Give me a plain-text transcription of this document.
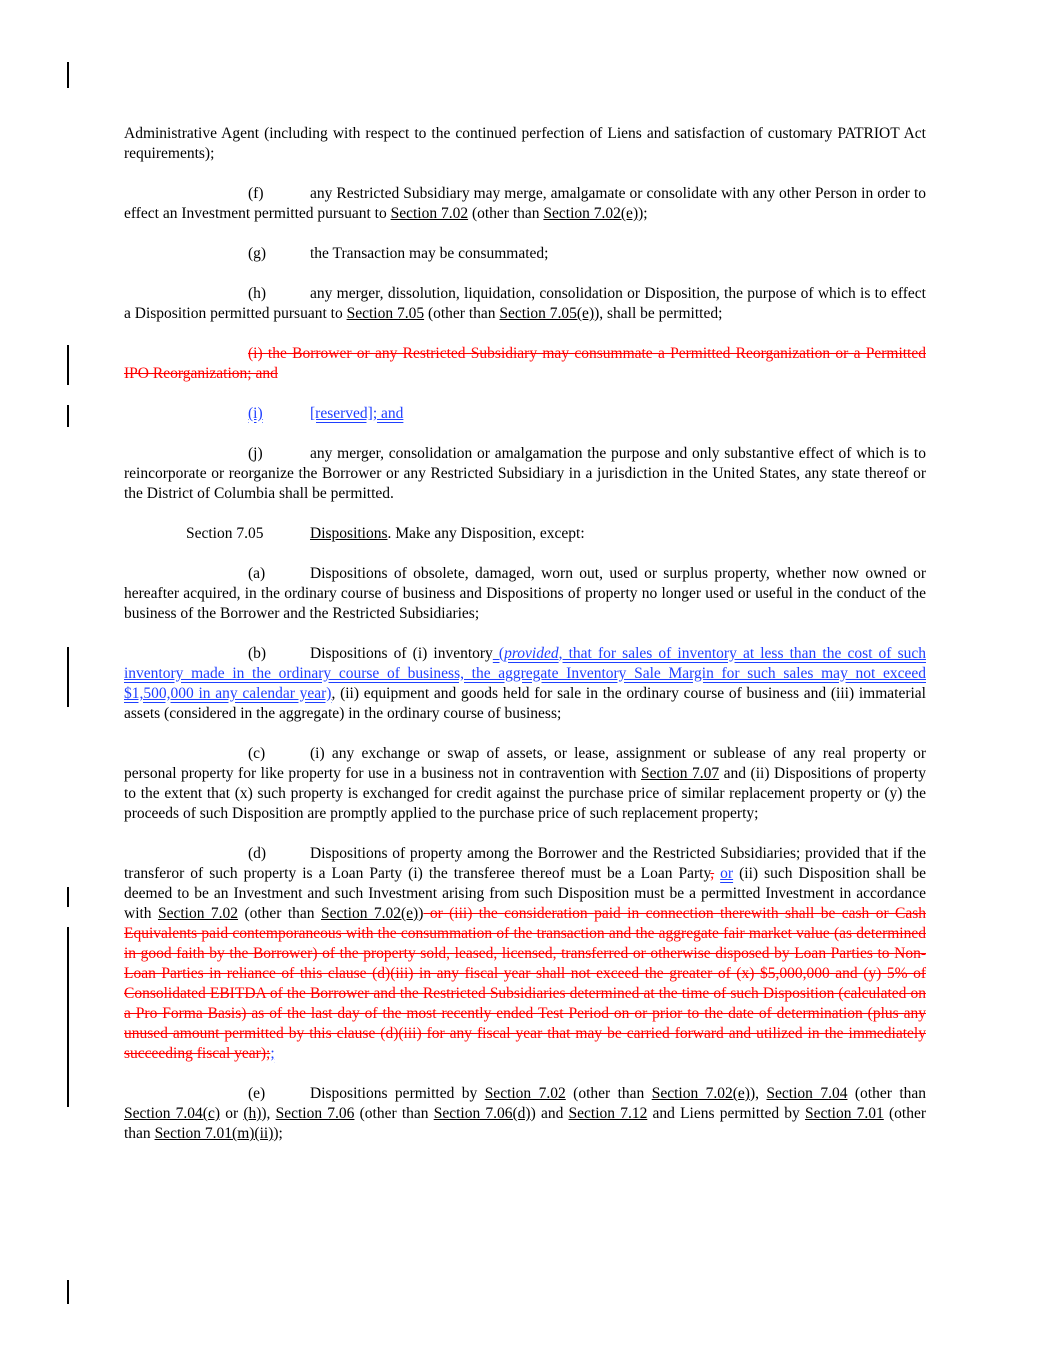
Administrative Agent (including with respect to the continued perfection of Liens and satisfaction of customary PATRIOT Act requirements);

(f)	any Restricted Subsidiary may merge, amalgamate or consolidate with any other Person in order to effect an Investment permitted pursuant to Section 7.02 (other than Section 7.02(e));

(g)	the Transaction may be consummated;

(h)	any merger, dissolution, liquidation, consolidation or Disposition, the purpose of which is to effect a Disposition permitted pursuant to Section 7.05 (other than Section 7.05(e)), shall be permitted;

(i) the Borrower or any Restricted Subsidiary may consummate a Permitted Reorganization or a Permitted IPO Reorganization; and

(i)	[reserved]; and

(j)	any merger, consolidation or amalgamation the purpose and only substantive effect of which is to reincorporate or reorganize the Borrower or any Restricted Subsidiary in a jurisdiction in the United States, any state thereof or the District of Columbia shall be permitted.

Section 7.05	Dispositions. Make any Disposition, except:

(a)	Dispositions of obsolete, damaged, worn out, used or surplus property, whether now owned or hereafter acquired, in the ordinary course of business and Dispositions of property no longer used or useful in the conduct of the business of the Borrower and the Restricted Subsidiaries;

(b)	Dispositions of (i) inventory (provided, that for sales of inventory at less than the cost of such inventory made in the ordinary course of business, the aggregate Inventory Sale Margin for such sales may not exceed $1,500,000 in any calendar year), (ii) equipment and goods held for sale in the ordinary course of business and (iii) immaterial assets (considered in the aggregate) in the ordinary course of business;

(c)	(i) any exchange or swap of assets, or lease, assignment or sublease of any real property or personal property for like property for use in a business not in contravention with Section 7.07 and (ii) Dispositions of property to the extent that (x) such property is exchanged for credit against the purchase price of similar replacement property or (y) the proceeds of such Disposition are promptly applied to the purchase price of such replacement property;

(d)	Dispositions of property among the Borrower and the Restricted Subsidiaries; provided that if the transferor of such property is a Loan Party (i) the transferee thereof must be a Loan Party, or (ii) such Disposition shall be deemed to be an Investment and such Investment arising from such Disposition must be a permitted Investment in accordance with Section 7.02 (other than Section 7.02(e)) or (iii) the consideration paid in connection therewith shall be cash or Cash Equivalents paid contemporaneous with the consummation of the transaction and the aggregate fair market value (as determined in good faith by the Borrower) of the property sold, leased, licensed, transferred or otherwise disposed by Loan Parties to Non-Loan Parties in reliance of this clause (d)(iii) in any fiscal year shall not exceed the greater of (x) $5,000,000 and (y) 5% of Consolidated EBITDA of the Borrower and the Restricted Subsidiaries determined at the time of such Disposition (calculated on a Pro Forma Basis) as of the last day of the most recently ended Test Period on or prior to the date of determination (plus any unused amount permitted by this clause (d)(iii) for any fiscal year that may be carried forward and utilized in the immediately succeeding fiscal year);;

(e)	Dispositions permitted by Section 7.02 (other than Section 7.02(e)), Section 7.04 (other than Section 7.04(c) or (h)), Section 7.06 (other than Section 7.06(d)) and Section 7.12 and Liens permitted by Section 7.01 (other than Section 7.01(m)(ii));
